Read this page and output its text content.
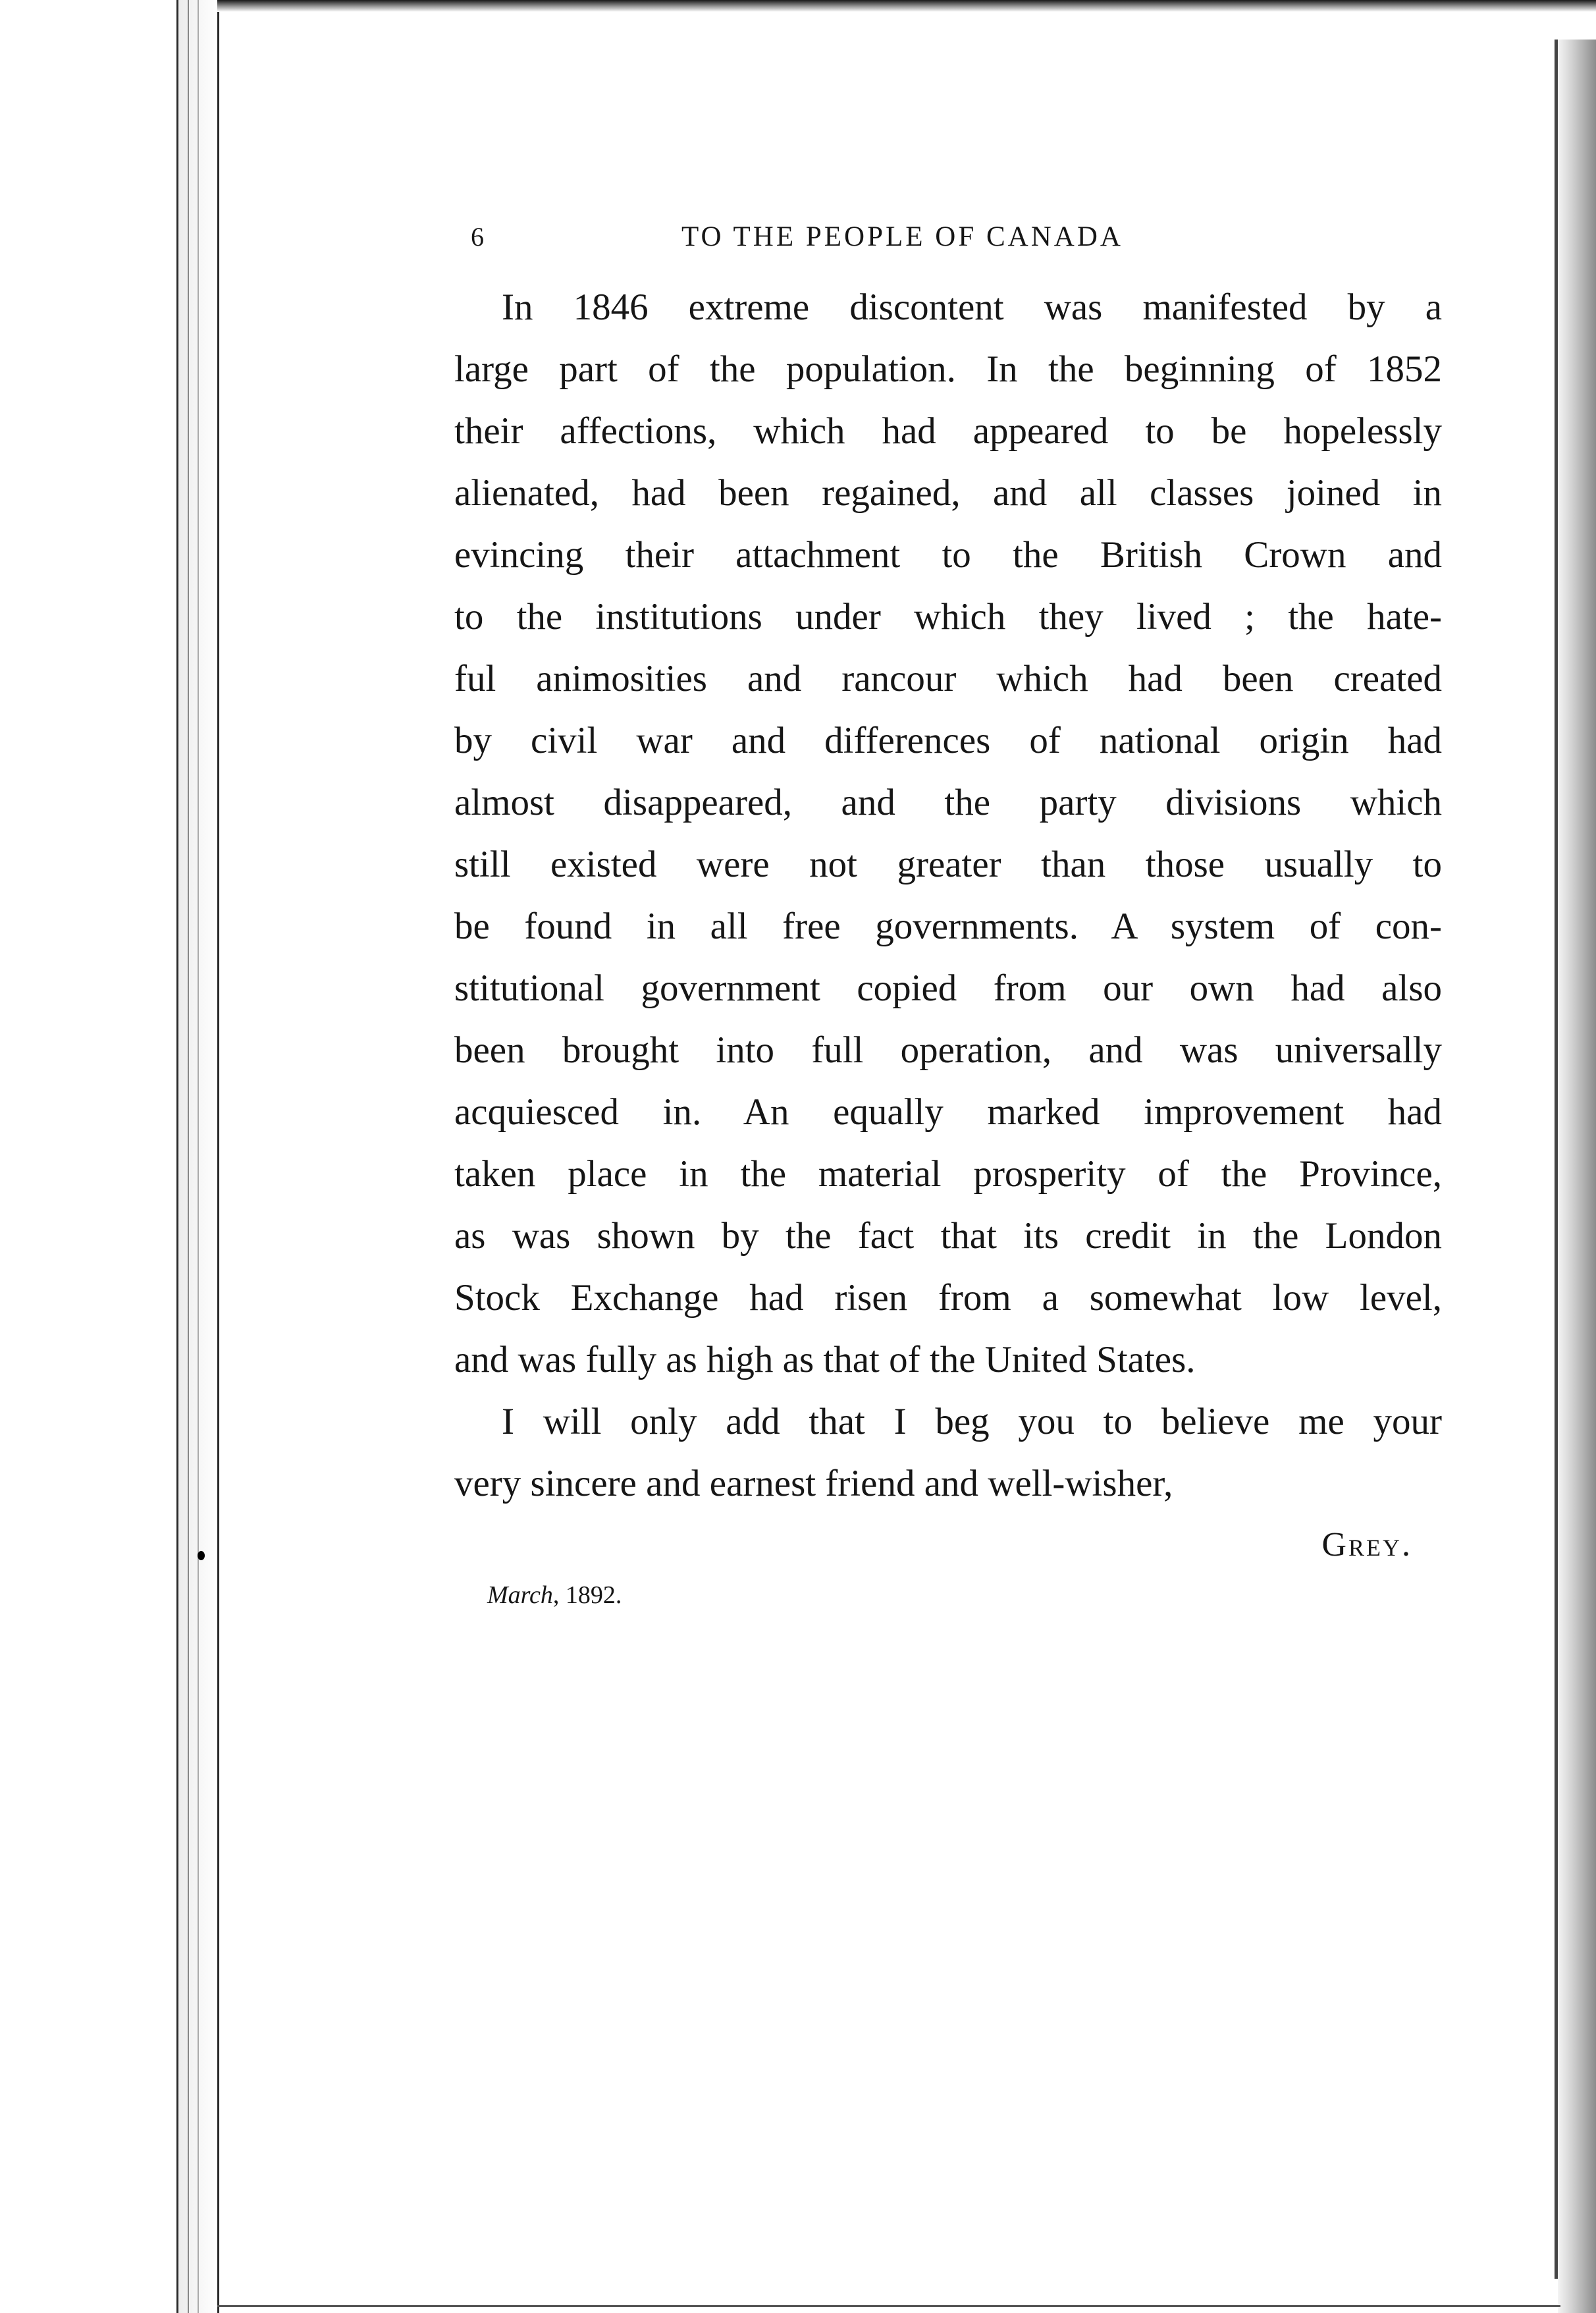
6	TO THE PEOPLE OF CANADA
In 1846 extreme discontent was manifested by a
large part of the population. In the beginning of 1852
their affections, which had appeared to be hopelessly
alienated, had been regained, and all classes joined in
evincing their attachment to the British Crown and
to the institutions under which they lived ; the hate-
ful animosities and rancour which had been created
by civil war and differences of national origin had
almost disappeared, and the party divisions which
still existed were not greater than those usually to
be found in all free governments. A system of con-
stitutional government copied from our own had also
been brought into full operation, and was universally
acquiesced in. An equally marked improvement had
taken place in the material prosperity of the Province,
as was shown by the fact that its credit in the London
Stock Exchange had risen from a somewhat low level,
and was fully as high as that of the United States.
I will only add that I beg you to believe me your
very sincere and earnest friend and well-wisher,
Grey.
March, 1892.
